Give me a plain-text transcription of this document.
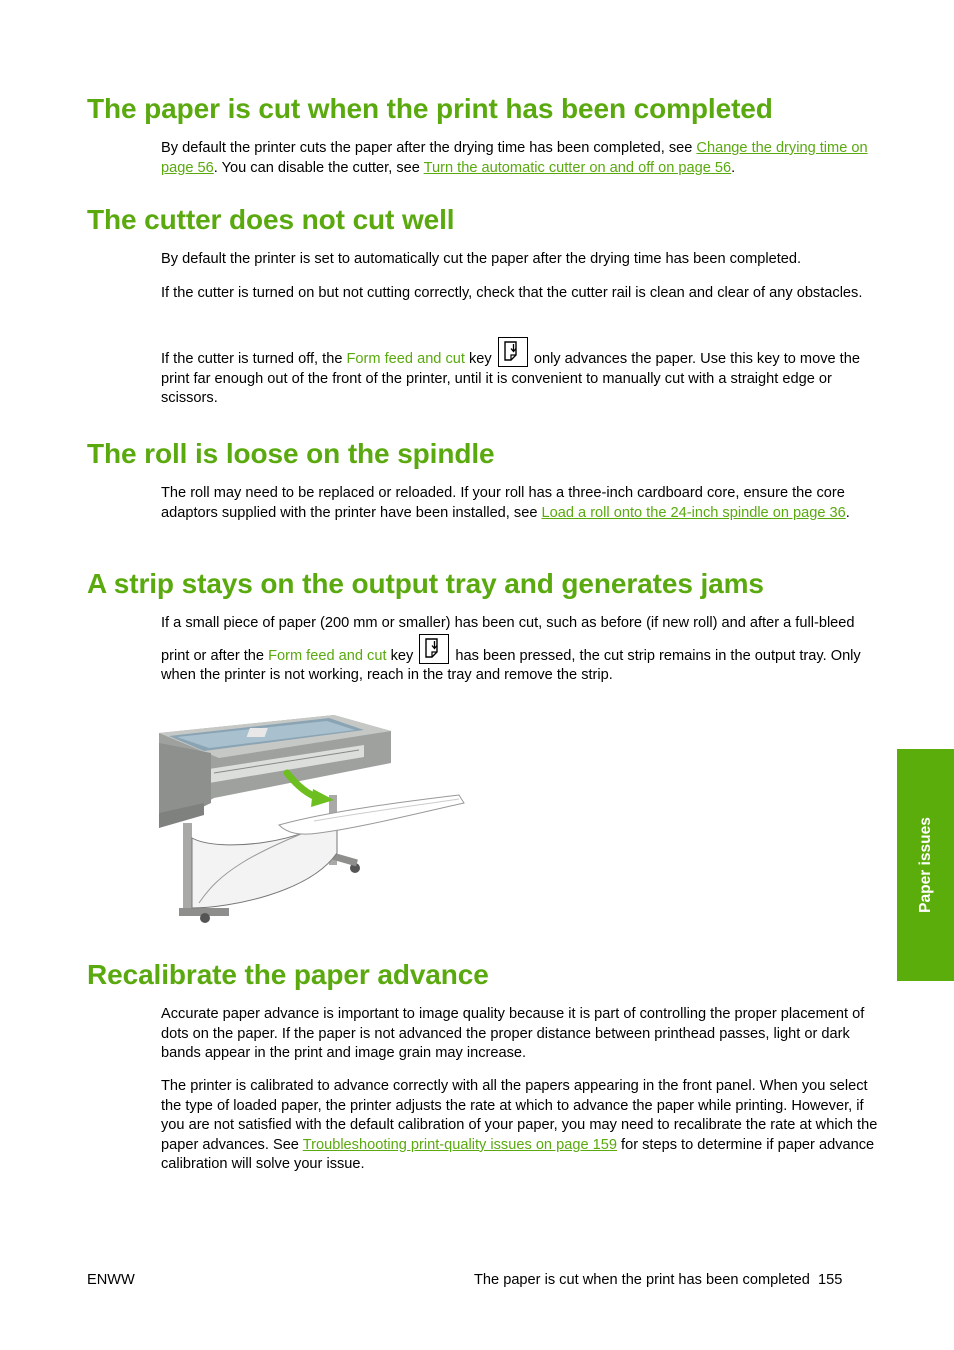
The paper is cut when the print has been completed

By default the printer cuts the paper after the drying time has been completed, see Change the drying time on page 56. You can disable the cutter, see Turn the automatic cutter on and off on page 56.

The cutter does not cut well

By default the printer is set to automatically cut the paper after the drying time has been completed.

If the cutter is turned on but not cutting correctly, check that the cutter rail is clean and clear of any obstacles.

If the cutter is turned off, the Form feed and cut key
only advances the paper. Use this key to move the print far enough out of the front of the printer, until it is convenient to manually cut with a straight edge or scissors.

The roll is loose on the spindle

The roll may need to be replaced or reloaded. If your roll has a three-inch cardboard core, ensure the core adaptors supplied with the printer have been installed, see Load a roll onto the 24-inch spindle on page 36.

A strip stays on the output tray and generates jams

If a small piece of paper (200 mm or smaller) has been cut, such as before (if new roll) and after a full-bleed print or after the Form feed and cut key
has been pressed, the cut strip remains in the output tray. Only when the printer is not working, reach in the tray and remove the strip.

Recalibrate the paper advance

Accurate paper advance is important to image quality because it is part of controlling the proper placement of dots on the paper. If the paper is not advanced the proper distance between printhead passes, light or dark bands appear in the print and image grain may increase.

The printer is calibrated to advance correctly with all the papers appearing in the front panel. When you select the type of loaded paper, the printer adjusts the rate at which to advance the paper while printing. However, if you are not satisfied with the default calibration of your paper, you may need to recalibrate the rate at which the paper advances. See Troubleshooting print-quality issues on page 159 for steps to determine if paper advance calibration will solve your issue.

Paper issues
ENWW	The paper is cut when the print has been completed 155
